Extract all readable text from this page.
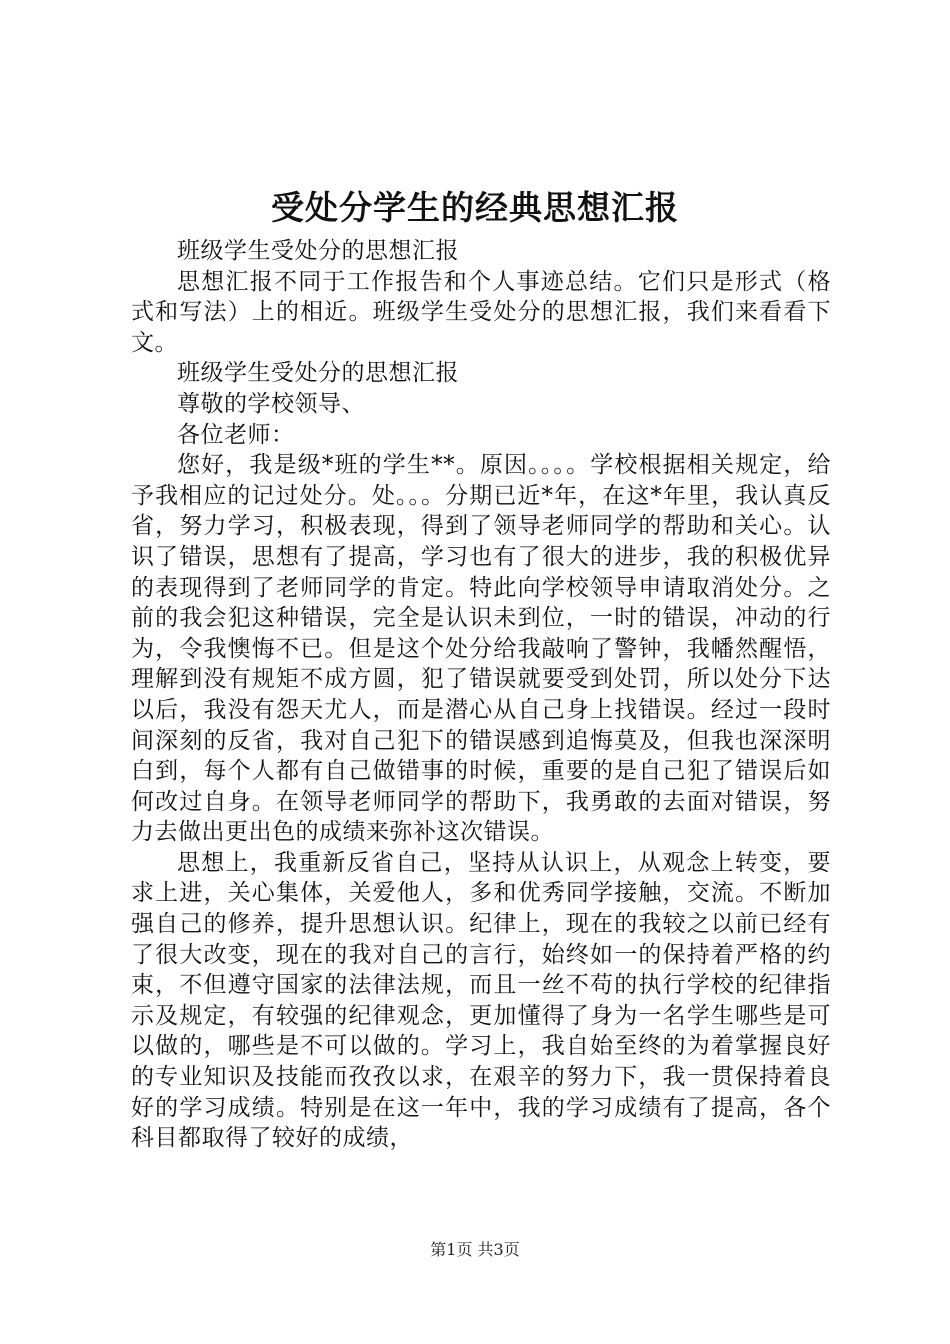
受处分学生的经典思想汇报

班级学生受处分的思想汇报

思想汇报不同于工作报告和个人事迹总结。它们只是形式（格式和写法）上的相近。班级学生受处分的思想汇报，我们来看看下文。

班级学生受处分的思想汇报

尊敬的学校领导、

各位老师：

您好，我是级*班的学生**。原因。。。。学校根据相关规定，给予我相应的记过处分。处。。。分期已近*年，在这*年里，我认真反省，努力学习，积极表现，得到了领导老师同学的帮助和关心。认识了错误，思想有了提高，学习也有了很大的进步，我的积极优异的表现得到了老师同学的肯定。特此向学校领导申请取消处分。之前的我会犯这种错误，完全是认识未到位，一时的错误，冲动的行为，令我懊悔不已。但是这个处分给我敲响了警钟，我幡然醒悟，理解到没有规矩不成方圆，犯了错误就要受到处罚，所以处分下达以后，我没有怨天尤人，而是潜心从自己身上找错误。经过一段时间深刻的反省，我对自己犯下的错误感到追悔莫及，但我也深深明白到，每个人都有自己做错事的时候，重要的是自己犯了错误后如何改过自身。在领导老师同学的帮助下，我勇敢的去面对错误，努力去做出更出色的成绩来弥补这次错误。

思想上，我重新反省自己，坚持从认识上，从观念上转变，要求上进，关心集体，关爱他人，多和优秀同学接触，交流。不断加强自己的修养，提升思想认识。纪律上，现在的我较之以前已经有了很大改变，现在的我对自己的言行，始终如一的保持着严格的约束，不但遵守国家的法律法规，而且一丝不苟的执行学校的纪律指示及规定，有较强的纪律观念，更加懂得了身为一名学生哪些是可以做的，哪些是不可以做的。学习上，我自始至终的为着掌握良好的专业知识及技能而孜孜以求，在艰辛的努力下，我一贯保持着良好的学习成绩。特别是在这一年中，我的学习成绩有了提高，各个科目都取得了较好的成绩，

第1页 共3页
